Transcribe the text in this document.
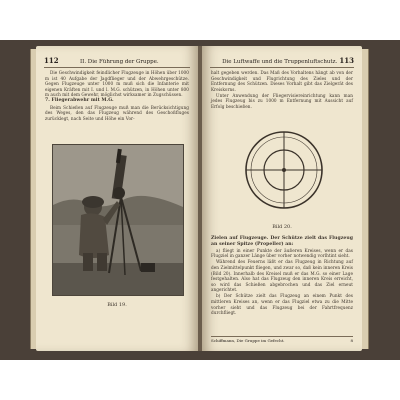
112	II. Die Führung der Gruppe.

Die Geschwindigkeit feindlicher Flugzeuge in Höhen über 1000 m ist 40 Aufgabe der Jagdflieger und der Abwehrgeschütze. Gegen Flugzeuge unter 1000 m muß sich die Infanterie mit eigenen Kräften mit I. und l. M.G. schützen, in Höhen unter 800 m auch mit dem Gewehr, möglichst wirksamer in Zugschüssen.

7. Fliegerabwehr mit M.G.

Beim Schießen auf Flugzeuge muß man die Berücksichtigung des Weges, den das Flugzeug während des Geschoßfluges zurücklegt, nach Seite und Höhe ein Vor-

Bild 19.
Die Luftwaffe und die Truppenluftschutz. 113

halt gegeben werden. Das Maß des Vorhaltens hängt ab von der Geschwindigkeit und Flugrichtung des Zieles und der Entfernung des Schützen. Dieses Vorhalt gibt das Zielgerät des Kreiskorns.

Unter Anwendung der Fliegervisiereinrichtung kann man jedes Flugzeug bis zu 1000 m Entfernung mit Aussicht auf Erfolg beschießen.

Bild 20.

Zielen auf Flugzeuge. Der Schütze zielt das Flugzeug an seiner Spitze (Propeller) an:

a) fliegt in einer Punkte der äußeren Kreises, wenn er das Flugziel in ganzer Länge über vorher notwendig vorlhtint sieht.

Während des Feuerns läßt er das Flugzeug in Richtung auf den Zielmittelpunkt fliegen, und zwar so, daß kein inneren Kreis (Bild 20). Innerhalb des Kreisel muß er das M.G. so einer Lage festgehalten. Also hat das Flugzeug den inneren Kreis erreicht, so wird das Schießen abgebrochen und das Ziel erneut angerichtet.

b) Der Schütze zielt das Flugzeug an einem Punkt des mittleren Kreises an, wenn er das Flugziel etwa zu die Mitte vorher sieht und das Flugzeug bei der Fahrtfrequenz durchfliegt.

Schiffmann, Die Gruppe im Gefecht.	8
